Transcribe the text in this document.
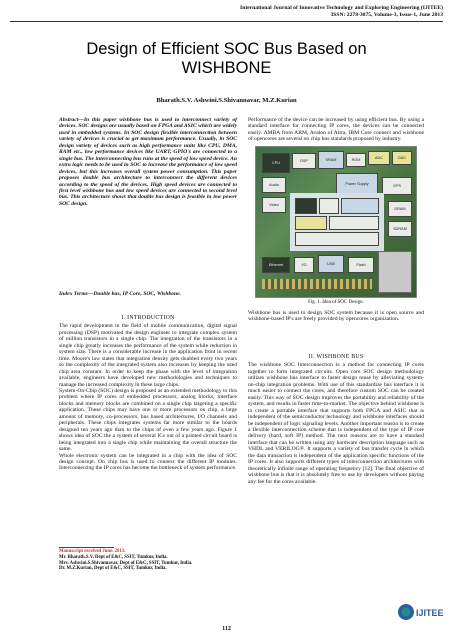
International Journal of Innovative Technology and Exploring Engineering (IJITEE)
ISSN: 2278-3075, Volume-3, Issue-1, June 2013
Design of Efficient SOC Bus Based on
WISHBONE
Bharath.S.V. Ashwini.S.Shivannavar, M.Z.Kurian
Abstract—In this paper wishbone bus is used to interconnect variety of devices. SOC designs are usually based on FPGA and ASIC which are widely used in embedded systems. In SOC design flexible interconnection between variety of devices is crucial to get maximum performance. Usually, in SOC design variety of devices such as high performance units like CPU, DMA, RAM etc., low performance devices like UART, GPIO's are connected to a single bus. The interconnecting bus runs at the speed of low speed device. An extra logic needs to be used in SOC to increase the performance of low speed devices, but this increases overall system power consumption. This paper proposes double bus architecture to interconnect the different devices according to the speed of the devices. High speed devices are connected to first level wishbone bus and low speed devices are connected to second level bus. This architecture shows that double bus design is feasible in low power SOC design.
Index Terms—Double bus, IP Core, SOC, Wishbone.
I. INTRODUCTION

The rapid development in the field of mobile communication, digital signal processing (DSP) motivated the design engineer to integrate complex system of million transistors in a single chip. The integration of the transistors in a single chip greatly increases the performance of the system while reduction in system size. There is a considerable increase in the application front in recent time. Moore's law states that integration density gets doubled every two years so the complexity of the integrated system also increases by keeping the used chip area constant. In order to keep the phase with the level of integration available, engineers have developed new methodologies and techniques to manage the increased complexity in these large chips.

System-On-Chip (SOC) design is proposed as an extended methodology to this problem where IP cores of embedded processors, analog blocks, interface blocks and memory blocks are combined on a single chip targeting a specific application. These chips may have one or more processors on chip, a large amount of memory, co-processors, bus based architectures, I/O channels and peripherals. These chips integrates systems far more similar to the boards designed ten years ago than to the chips of even a few years ago. Figure 1 shows idea of SOC the a system of several ICs out of a printed circuit board is being integrated into a single chip while maintaining the overall structure the same.

Whole electronic system can be integrated in a chip with the idea of SOC design concept. On chip bus is used to connect the different IP modules. Interconnecting the IP cores has become the bottleneck of system performance.

Manuscript received June, 2013.
Mr. Bharath.S.V, Dept of E&C, SSIT, Tumkur, India.
Mrs. Ashwini.S.Shivannavar, Dept of E&C, SSIT, Tumkur, India.
Dr. M.Z.Kurian, Dept of E&C, SSIT, Tumkur, India.
Performance of the device can be increased by using efficient bus. By using a standard interface for connecting IP cores, the devices can be connected easily. AMBA from ARM, Avalon of Altra, IBM Core connect and wishbone of opencores are several on chip bus standards proposed by industry.
CPU	DSP	SRAM	ROM	ADC	DAC
Audio
Video
Power Supply	GPS
DRAM
SDRAM
Ethernet	I/O	USB	Flash
Fig. 1. Idea of SOC Design.
Wishbone bus is used to design SOC system because it is open source and wishbone-based IP's are freely provided by opencores organization.
II. WISHBONE BUS

The wishbone SOC Interconnection is a method for connecting IP cores together to form integrated circuits. Open core SOC design methodology utilizes wishbone bus interface to faster design reuse by alleviating system-on-chip integration problems. With use of this standardize bus interface it is much easier to connect the cores, and therefore custom SOC can be created easily. This way of SOC design improves the portability and reliability of the system, and results in faster time-to-market. The objective behind wishbone is to create a portable interface that supports both FPGA and ASIC that is independent of the semiconductor technology and wishbone interfaces should be independent of logic signaling levels. Another important reason is to create a flexible interconnection scheme that is independent of the type of IP core delivery (hard, soft IP) method. The next reasons are to have a standard interface that can be written using any hardware description language such as VHDL and VERILOG®. It supports a variety of bus transfer cycle in which the data transaction is independent of the application specific functions of the IP cores. It also supports different types of interconnection architectures with theoretically infinite range of operating frequency [12]. The final objective of wishbone bus is that it is absolutely free to use by developers without paying any fee for the cores available.

112
IJITEE
